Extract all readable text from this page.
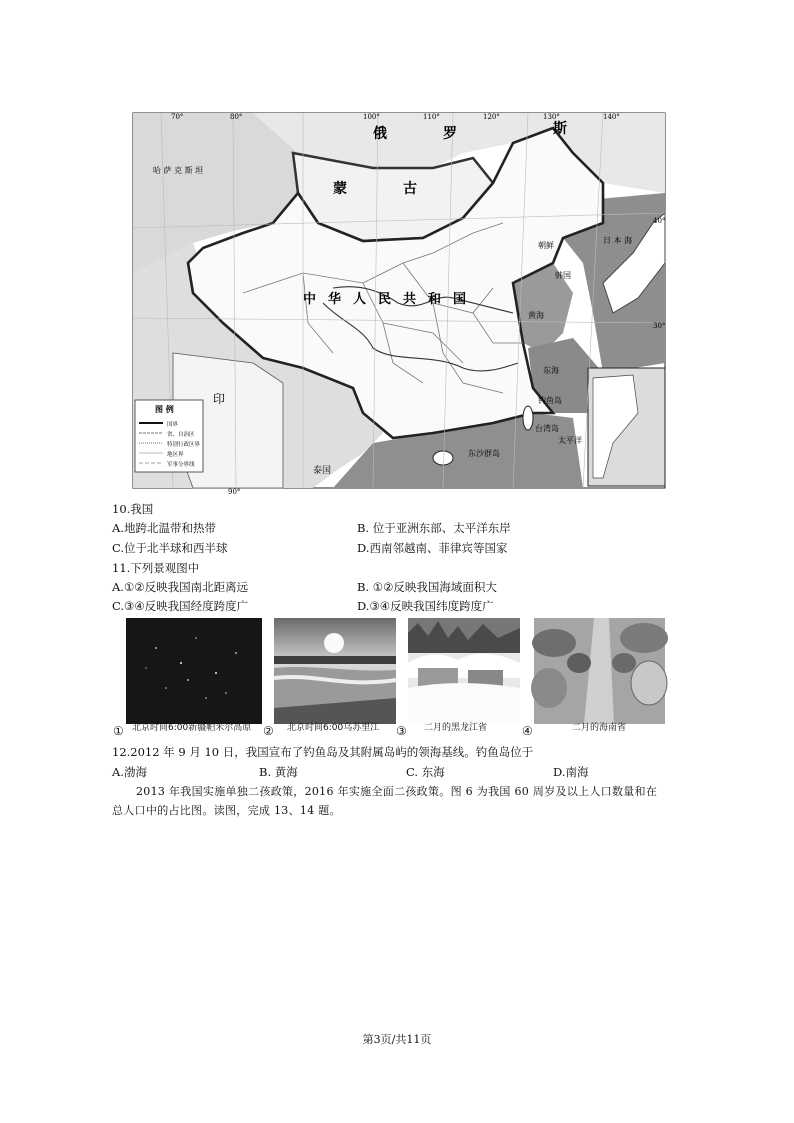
70°	80°	100°	110°	120°	130°	140°
90°
40°
30°
俄	罗	斯
蒙	古
中 华 人 民 共 和 国
哈 萨 克 斯 坦
朝鲜
韩国
日 本 海
黄海
东海
印
泰国
钓鱼岛
台湾岛
东沙群岛
太平洋
图 例
国界
省、自治区
特别行政区界
地区界
军事分界线
10.我国
A.地跨北温带和热带	B. 位于亚洲东部、太平洋东岸
C.位于北半球和西半球	D.西南邻越南、菲律宾等国家
11.下列景观图中
A.①②反映我国南北距离远	B. ①②反映我国海域面积大
C.③④反映我国经度跨度广	D.③④反映我国纬度跨度广
① 北京时间6:00新疆帕米尔高原 ② 北京时间6:00乌苏里江 ③ 二月的黑龙江省	④	二月的海南省
12.2012 年 9 月 10 日，我国宣布了钓鱼岛及其附属岛屿的领海基线。钓鱼岛位于
A.渤海	B. 黄海	C. 东海	D.南海
2013 年我国实施单独二孩政策，2016 年实施全面二孩政策。图 6 为我国 60 周岁及以上人口数量和在
总人口中的占比图。读图，完成 13、14 题。
第3页/共11页
